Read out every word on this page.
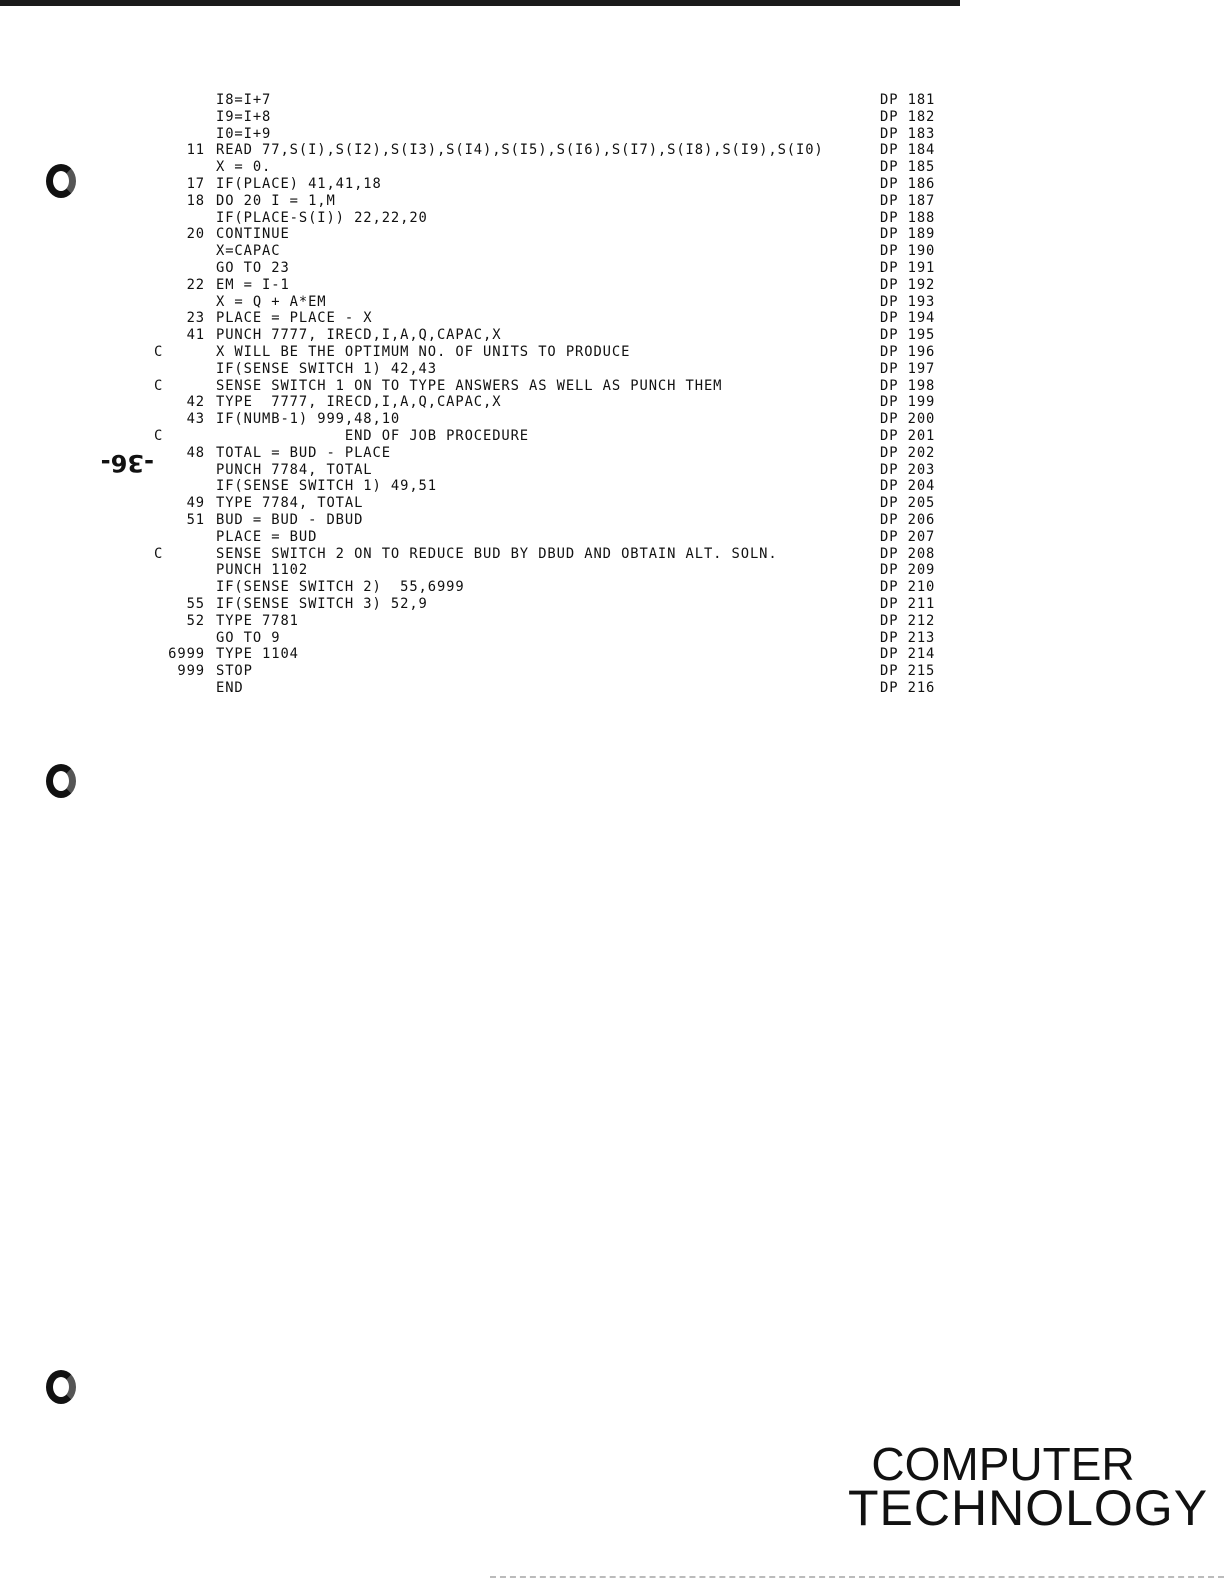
-36-
I8=I+7	DP 181
I9=I+8	DP 182
I0=I+9	DP 183
11 READ 77,S(I),S(I2),S(I3),S(I4),S(I5),S(I6),S(I7),S(I8),S(I9),S(I0)	DP 184
X = 0.	DP 185
17 IF(PLACE) 41,41,18	DP 186
18 DO 20 I = 1,M	DP 187
IF(PLACE-S(I)) 22,22,20	DP 188
20 CONTINUE	DP 189
X=CAPAC	DP 190
GO TO 23	DP 191
22 EM = I-1	DP 192
X = Q + A*EM	DP 193
23 PLACE = PLACE - X	DP 194
41 PUNCH 7777, IRECD,I,A,Q,CAPAC,X	DP 195
C	X WILL BE THE OPTIMUM NO. OF UNITS TO PRODUCE	DP 196
IF(SENSE SWITCH 1) 42,43	DP 197
C	SENSE SWITCH 1 ON TO TYPE ANSWERS AS WELL AS PUNCH THEM	DP 198
42 TYPE  7777, IRECD,I,A,Q,CAPAC,X	DP 199
43 IF(NUMB-1) 999,48,10	DP 200
C	END OF JOB PROCEDURE	DP 201
48 TOTAL = BUD - PLACE	DP 202
PUNCH 7784, TOTAL	DP 203
IF(SENSE SWITCH 1) 49,51	DP 204
49 TYPE 7784, TOTAL	DP 205
51 BUD = BUD - DBUD	DP 206
PLACE = BUD	DP 207
C	SENSE SWITCH 2 ON TO REDUCE BUD BY DBUD AND OBTAIN ALT. SOLN.	DP 208
PUNCH 1102	DP 209
IF(SENSE SWITCH 2)  55,6999	DP 210
55 IF(SENSE SWITCH 3) 52,9	DP 211
52 TYPE 7781	DP 212
GO TO 9	DP 213
6999 TYPE 1104	DP 214
999 STOP	DP 215
END	DP 216
COMPUTER
TECHNOLOGY
